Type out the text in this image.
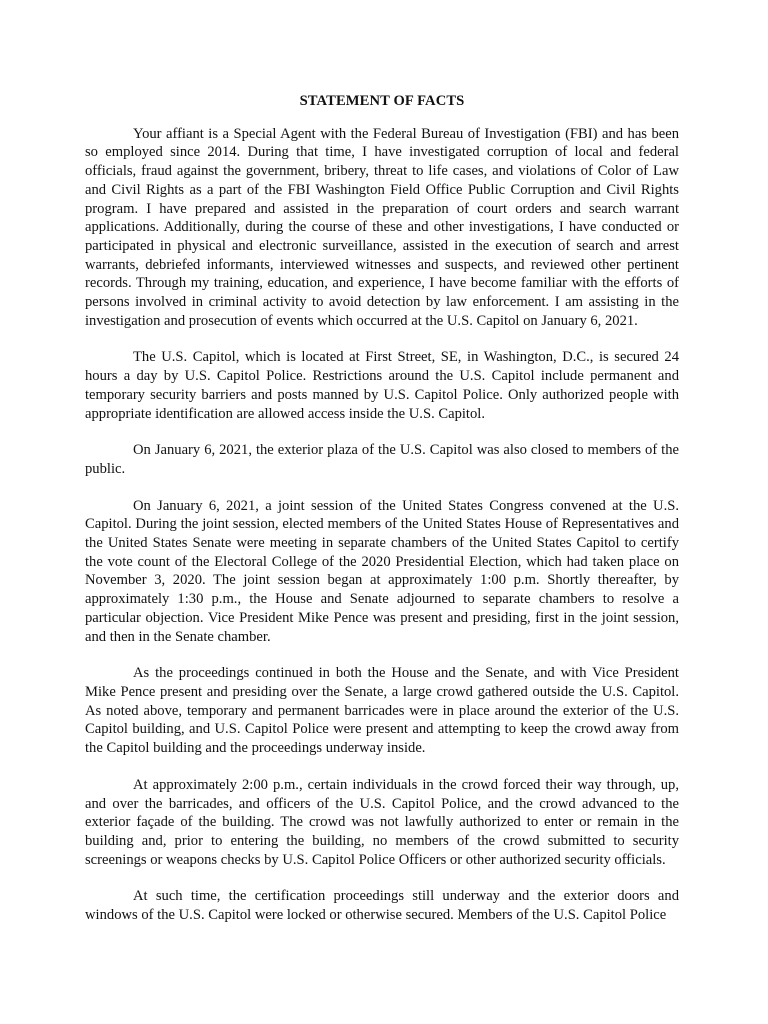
STATEMENT OF FACTS

Your affiant is a Special Agent with the Federal Bureau of Investigation (FBI) and has been so employed since 2014. During that time, I have investigated corruption of local and federal officials, fraud against the government, bribery, threat to life cases, and violations of Color of Law and Civil Rights as a part of the FBI Washington Field Office Public Corruption and Civil Rights program. I have prepared and assisted in the preparation of court orders and search warrant applications. Additionally, during the course of these and other investigations, I have conducted or participated in physical and electronic surveillance, assisted in the execution of search and arrest warrants, debriefed informants, interviewed witnesses and suspects, and reviewed other pertinent records. Through my training, education, and experience, I have become familiar with the efforts of persons involved in criminal activity to avoid detection by law enforcement. I am assisting in the investigation and prosecution of events which occurred at the U.S. Capitol on January 6, 2021.

The U.S. Capitol, which is located at First Street, SE, in Washington, D.C., is secured 24 hours a day by U.S. Capitol Police. Restrictions around the U.S. Capitol include permanent and temporary security barriers and posts manned by U.S. Capitol Police. Only authorized people with appropriate identification are allowed access inside the U.S. Capitol.

On January 6, 2021, the exterior plaza of the U.S. Capitol was also closed to members of the public.

On January 6, 2021, a joint session of the United States Congress convened at the U.S. Capitol. During the joint session, elected members of the United States House of Representatives and the United States Senate were meeting in separate chambers of the United States Capitol to certify the vote count of the Electoral College of the 2020 Presidential Election, which had taken place on November 3, 2020. The joint session began at approximately 1:00 p.m. Shortly thereafter, by approximately 1:30 p.m., the House and Senate adjourned to separate chambers to resolve a particular objection. Vice President Mike Pence was present and presiding, first in the joint session, and then in the Senate chamber.

As the proceedings continued in both the House and the Senate, and with Vice President Mike Pence present and presiding over the Senate, a large crowd gathered outside the U.S. Capitol. As noted above, temporary and permanent barricades were in place around the exterior of the U.S. Capitol building, and U.S. Capitol Police were present and attempting to keep the crowd away from the Capitol building and the proceedings underway inside.

At approximately 2:00 p.m., certain individuals in the crowd forced their way through, up, and over the barricades, and officers of the U.S. Capitol Police, and the crowd advanced to the exterior façade of the building. The crowd was not lawfully authorized to enter or remain in the building and, prior to entering the building, no members of the crowd submitted to security screenings or weapons checks by U.S. Capitol Police Officers or other authorized security officials.

At such time, the certification proceedings still underway and the exterior doors and windows of the U.S. Capitol were locked or otherwise secured. Members of the U.S. Capitol Police
